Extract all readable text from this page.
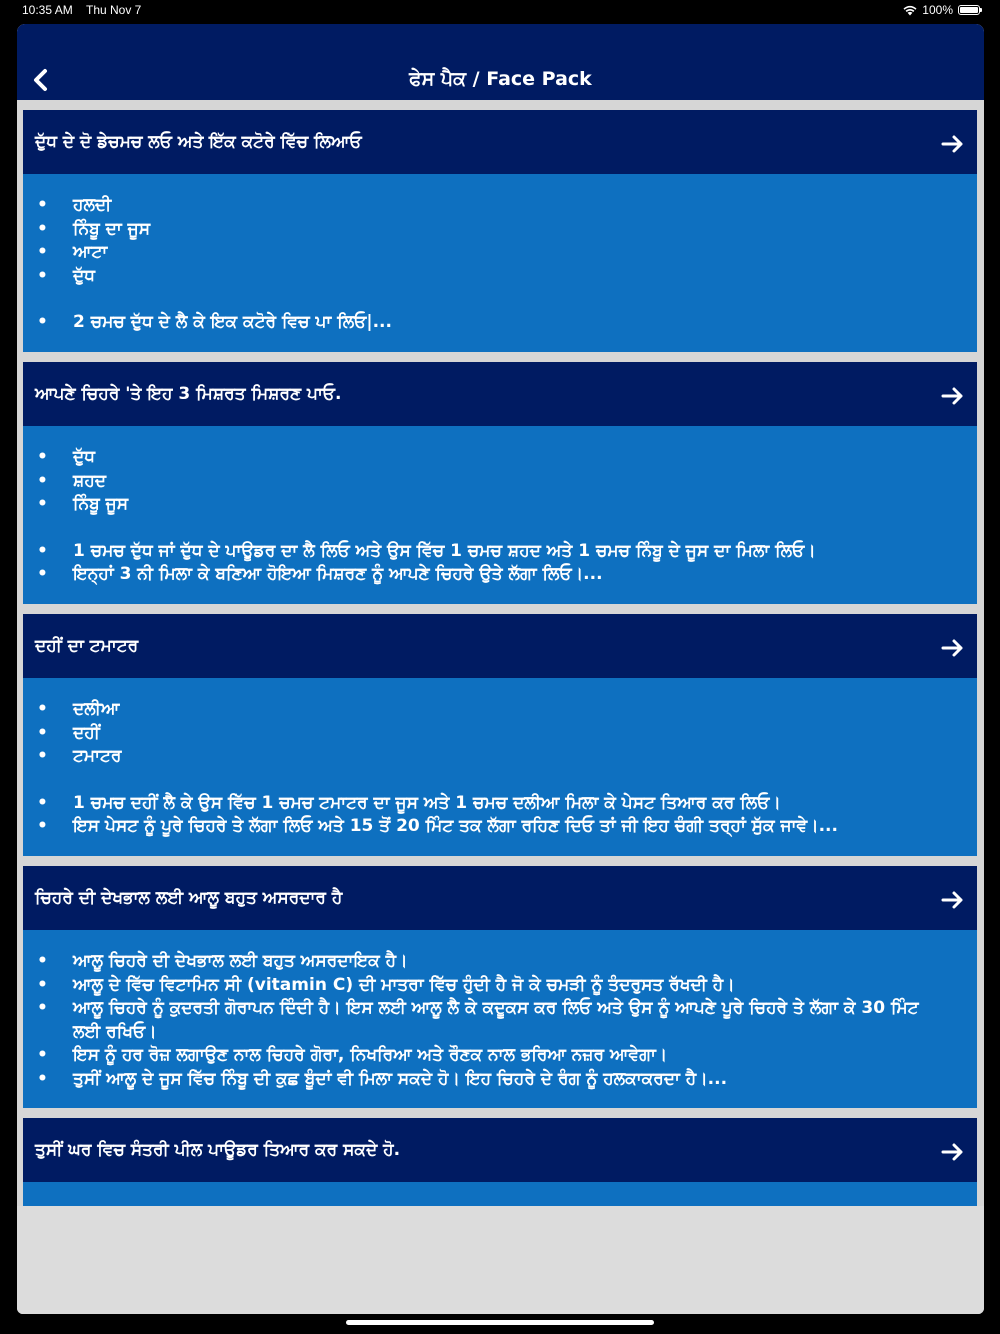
10:35 AM Thu Nov 7	100%
ਫੇਸ ਪੈਕ / Face Pack
ਦੁੱਧ ਦੇ ਦੋ ਡੇਚਮਚ ਲਓ ਅਤੇ ਇੱਕ ਕਟੋਰੇ ਵਿੱਚ ਲਿਆਓ
• ਹਲਦੀ
• ਨਿੰਬੂ ਦਾ ਜੂਸ
• ਆਟਾ
• ਦੁੱਧ
• 2 ਚਮਚ ਦੁੱਧ ਦੇ ਲੈ ਕੇ ਇਕ ਕਟੋਰੇ ਵਿਚ ਪਾ ਲਿਓ|...
ਆਪਣੇ ਚਿਹਰੇ 'ਤੇ ਇਹ 3 ਮਿਸ਼ਰਤ ਮਿਸ਼ਰਣ ਪਾਓ.
• ਦੁੱਧ
• ਸ਼ਹਦ
• ਨਿੰਬੂ ਜੂਸ
• 1 ਚਮਚ ਦੁੱਧ ਜਾਂ ਦੁੱਧ ਦੇ ਪਾਊਡਰ ਦਾ ਲੈ ਲਿਓ ਅਤੇ ਉਸ ਵਿੱਚ 1 ਚਮਚ ਸ਼ਹਦ ਅਤੇ 1 ਚਮਚ ਨਿੰਬੂ ਦੇ ਜੂਸ ਦਾ ਮਿਲਾ ਲਿਓ।
• ਇਨ੍ਹਾਂ 3 ਨੀ ਮਿਲਾ ਕੇ ਬਣਿਆ ਹੋਇਆ ਮਿਸ਼ਰਣ ਨੂੰ ਆਪਣੇ ਚਿਹਰੇ ਉਤੇ ਲੱਗਾ ਲਿਓ।...
ਦਹੀਂ ਦਾ ਟਮਾਟਰ
• ਦਲੀਆ
• ਦਹੀਂ
• ਟਮਾਟਰ
• 1 ਚਮਚ ਦਹੀਂ ਲੈ ਕੇ ਉਸ ਵਿੱਚ 1 ਚਮਚ ਟਮਾਟਰ ਦਾ ਜੂਸ ਅਤੇ 1 ਚਮਚ ਦਲੀਆ ਮਿਲਾ ਕੇ ਪੇਸਟ ਤਿਆਰ ਕਰ ਲਿਓ।
• ਇਸ ਪੇਸਟ ਨੂੰ ਪੂਰੇ ਚਿਹਰੇ ਤੇ ਲੱਗਾ ਲਿਓ ਅਤੇ 15 ਤੋਂ 20 ਮਿੰਟ ਤਕ ਲੱਗਾ ਰਹਿਣ ਦਿਓ ਤਾਂ ਜੀ ਇਹ ਚੰਗੀ ਤਰ੍ਹਾਂ ਸੁੱਕ ਜਾਵੇ।...
ਚਿਹਰੇ ਦੀ ਦੇਖਭਾਲ ਲਈ ਆਲੂ ਬਹੁਤ ਅਸਰਦਾਰ ਹੈ
• ਆਲੂ ਚਿਹਰੇ ਦੀ ਦੇਖਭਾਲ ਲਈ ਬਹੁਤ ਅਸਰਦਾਇਕ ਹੈ।
• ਆਲੂ ਦੇ ਵਿੱਚ ਵਿਟਾਮਿਨ ਸੀ (vitamin C) ਦੀ ਮਾਤਰਾ ਵਿੱਚ ਹੁੰਦੀ ਹੈ ਜੋ ਕੇ ਚਮੜੀ ਨੂੰ ਤੰਦਰੁਸਤ ਰੱਖਦੀ ਹੈ।
• ਆਲੂ ਚਿਹਰੇ ਨੂੰ ਕੁਦਰਤੀ ਗੋਰਾਪਨ ਦਿੰਦੀ ਹੈ। ਇਸ ਲਈ ਆਲੂ ਲੈ ਕੇ ਕਦੂਕਸ ਕਰ ਲਿਓ ਅਤੇ ਉਸ ਨੂੰ ਆਪਣੇ ਪੂਰੇ ਚਿਹਰੇ ਤੇ ਲੱਗਾ ਕੇ 30 ਮਿੰਟ ਲਈ ਰਖਿਓ।
• ਇਸ ਨੂੰ ਹਰ ਰੋਜ਼ ਲਗਾਉਣ ਨਾਲ ਚਿਹਰੇ ਗੋਰਾ, ਨਿਖਰਿਆ ਅਤੇ ਰੌਣਕ ਨਾਲ ਭਰਿਆ ਨਜ਼ਰ ਆਵੇਗਾ।
• ਤੁਸੀਂ ਆਲੂ ਦੇ ਜੂਸ ਵਿੱਚ ਨਿੰਬੂ ਦੀ ਕੁਛ ਬੂੰਦਾਂ ਵੀ ਮਿਲਾ ਸਕਦੇ ਹੋ। ਇਹ ਚਿਹਰੇ ਦੇ ਰੰਗ ਨੂੰ ਹਲਕਾਕਰਦਾ ਹੈ।...
ਤੁਸੀਂ ਘਰ ਵਿਚ ਸੰਤਰੀ ਪੀਲ ਪਾਊਡਰ ਤਿਆਰ ਕਰ ਸਕਦੇ ਹੋ.
